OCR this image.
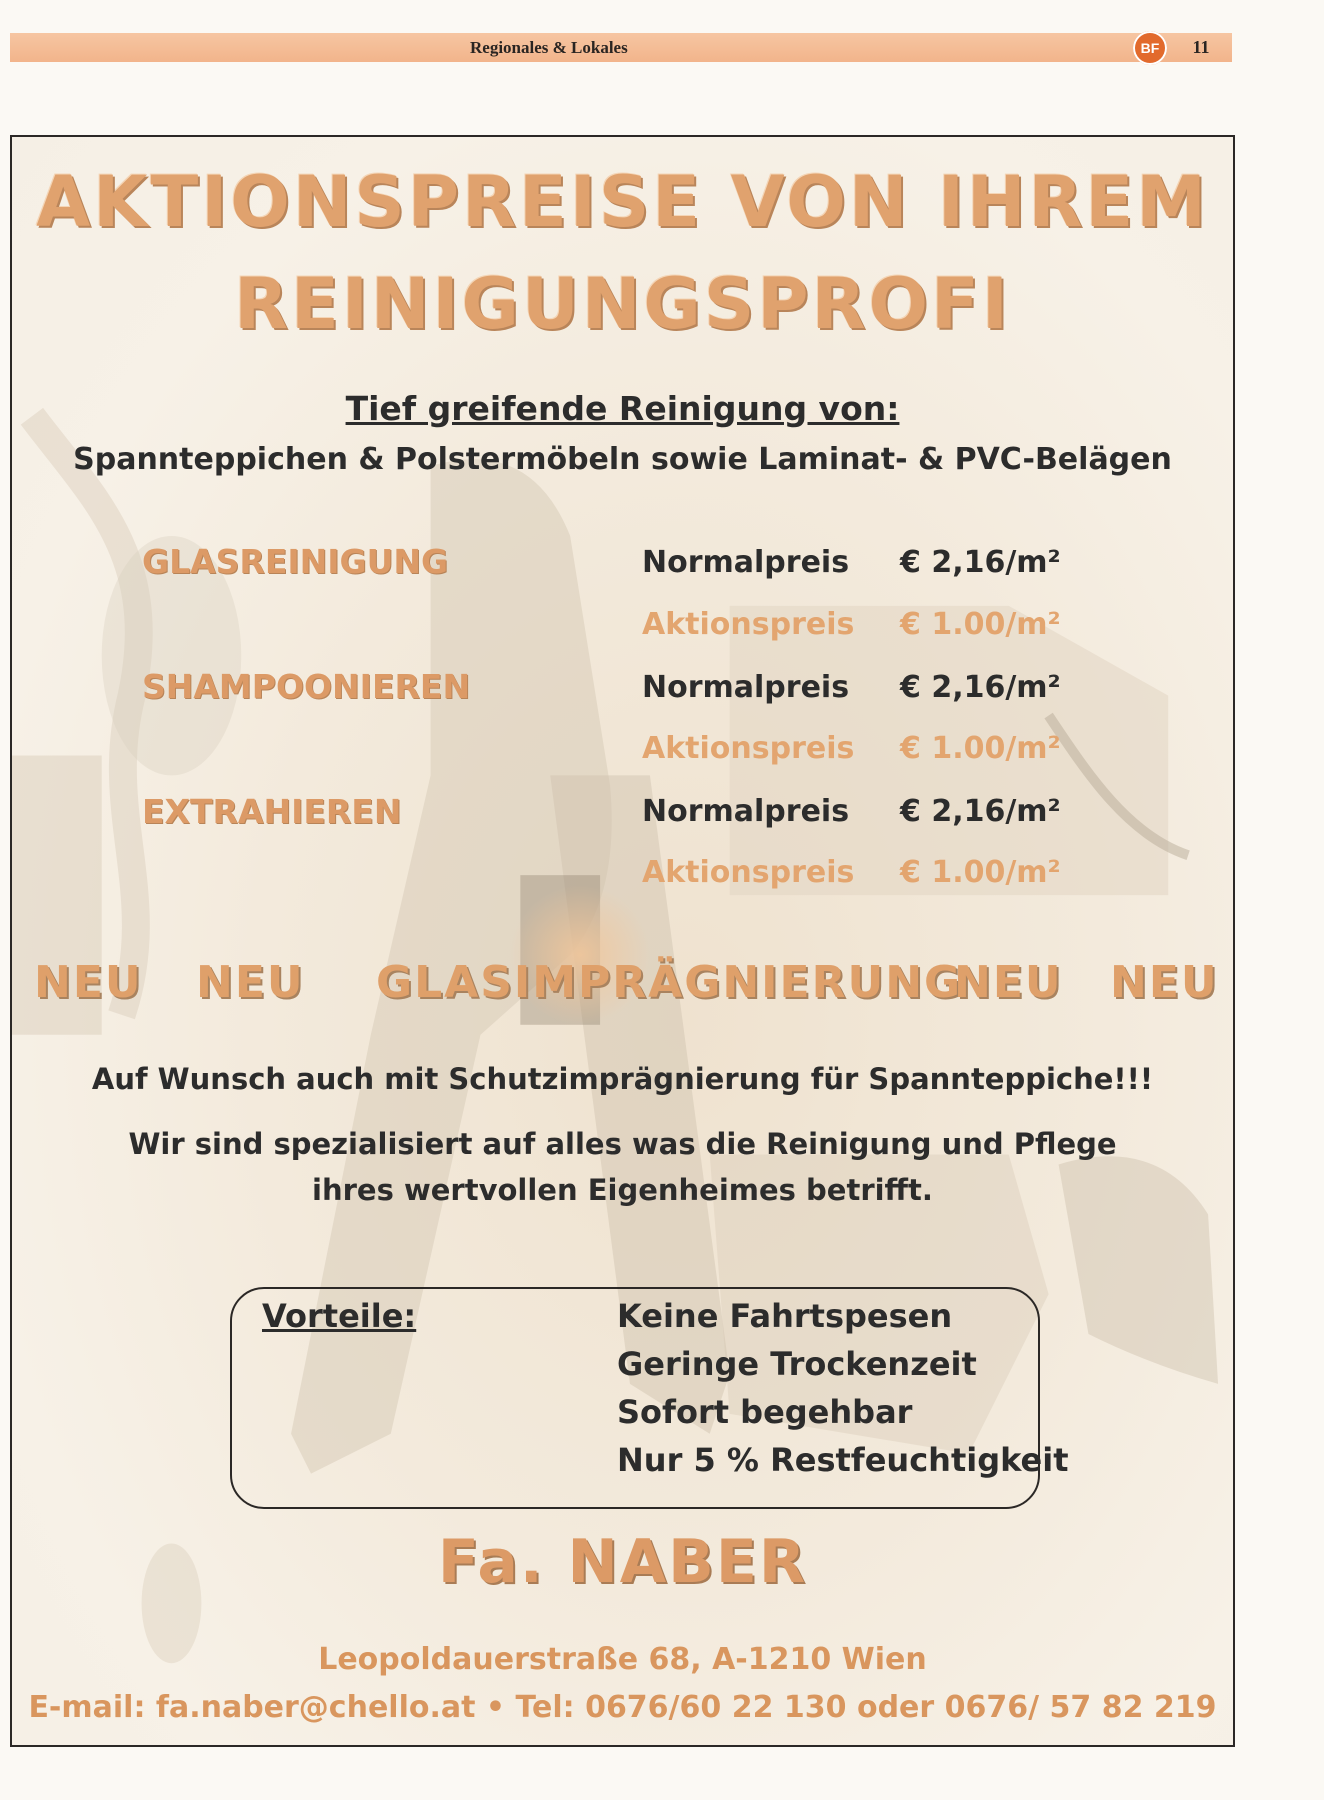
Regionales & Lokales	BF	11
AKTIONSPREISE VON IHREM
REINIGUNGSPROFI
Tief greifende Reinigung von:
Spannteppichen & Polstermöbeln sowie Laminat- & PVC-Belägen
GLASREINIGUNG	Normalpreis € 2,16/m²
Aktionspreis € 1.00/m²
SHAMPOONIEREN	Normalpreis € 2,16/m²
Aktionspreis € 1.00/m²
EXTRAHIEREN	Normalpreis € 2,16/m²
Aktionspreis € 1.00/m²
NEU NEU GLASIMPRÄGNIERUNG
NEU NEU
Auf Wunsch auch mit Schutzimprägnierung für Spannteppiche!!!
Wir sind spezialisiert auf alles was die Reinigung und Pflege
ihres wertvollen Eigenheimes betrifft.
Vorteile:	Keine Fahrtspesen
Geringe Trockenzeit
Sofort begehbar
Nur 5 % Restfeuchtigkeit
Fa. NABER
Leopoldauerstraße 68, A-1210 Wien
E-mail: fa.naber@chello.at • Tel: 0676/60 22 130 oder 0676/ 57 82 219
